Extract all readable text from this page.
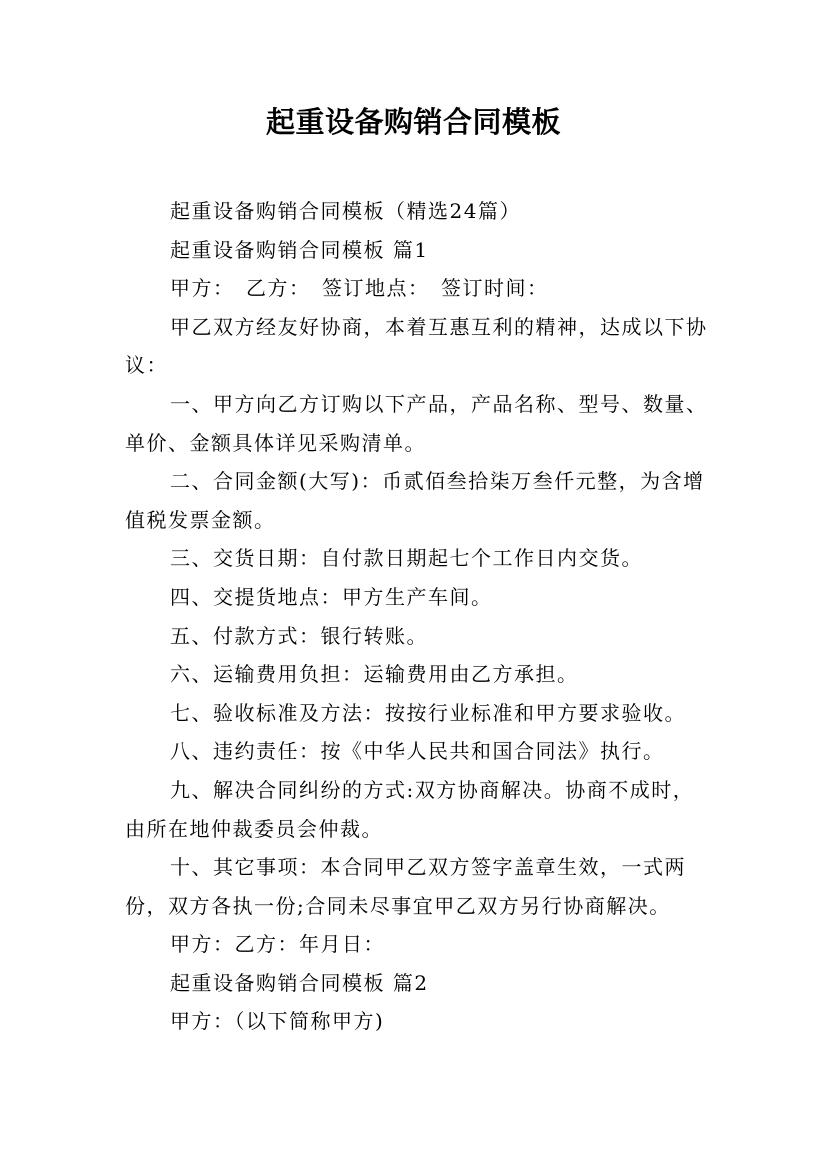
起重设备购销合同模板

起重设备购销合同模板（精选24篇）

起重设备购销合同模板 篇1

甲方：　乙方：　签订地点：　签订时间：

甲乙双方经友好协商，本着互惠互利的精神，达成以下协议：

一、甲方向乙方订购以下产品，产品名称、型号、数量、单价、金额具体详见采购清单。

二、合同金额(大写)：币贰佰叁拾柒万叁仟元整，为含增值税发票金额。

三、交货日期：自付款日期起七个工作日内交货。

四、交提货地点：甲方生产车间。

五、付款方式：银行转账。

六、运输费用负担：运输费用由乙方承担。

七、验收标准及方法：按按行业标准和甲方要求验收。

八、违约责任：按《中华人民共和国合同法》执行。

九、解决合同纠纷的方式:双方协商解决。协商不成时，由所在地仲裁委员会仲裁。

十、其它事项：本合同甲乙双方签字盖章生效，一式两份，双方各执一份;合同未尽事宜甲乙双方另行协商解决。

甲方：乙方：年月日：

起重设备购销合同模板 篇2

甲方：（以下简称甲方)
